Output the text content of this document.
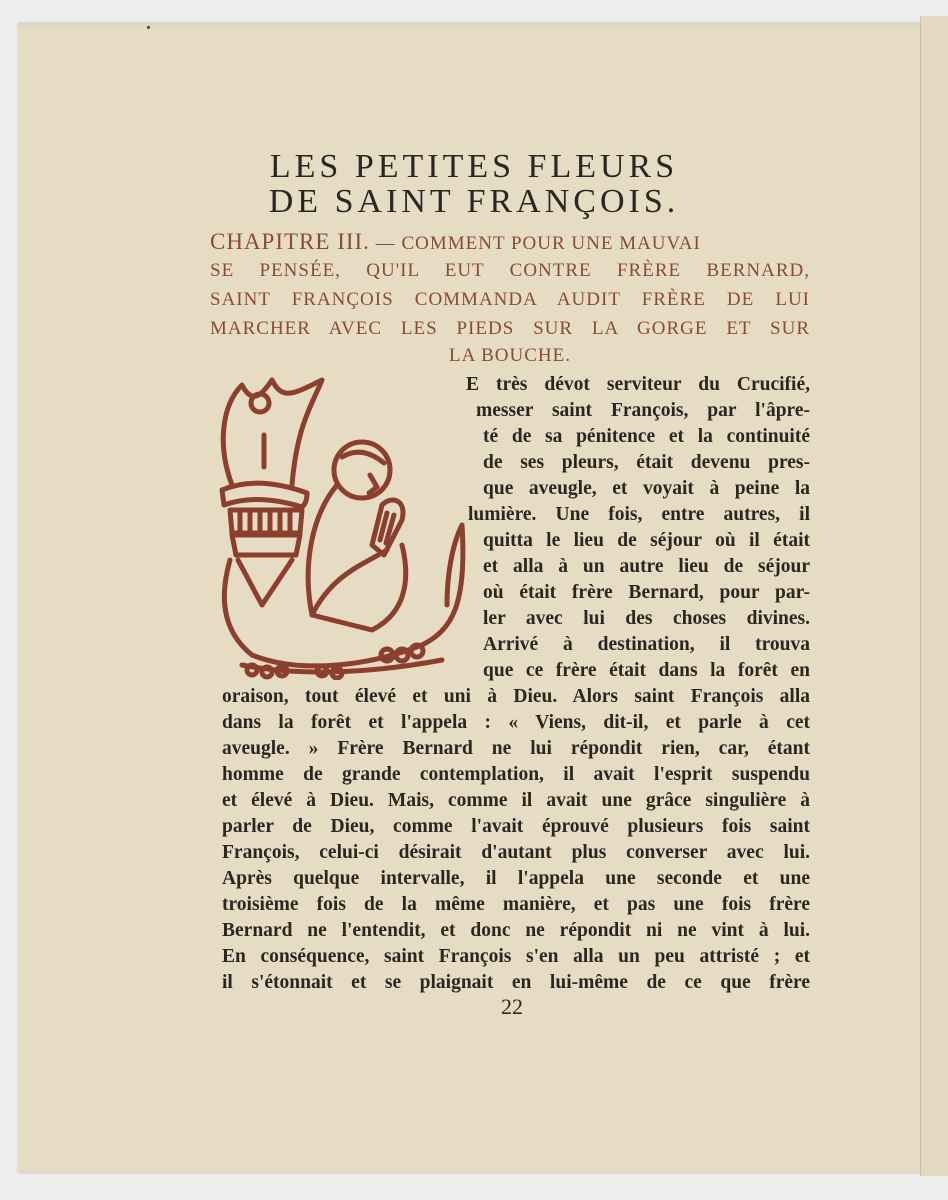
LES PETITES FLEURS
DE SAINT FRANÇOIS.
CHAPITRE III. — COMMENT POUR UNE MAUVAI
SE PENSÉE, QU'IL EUT CONTRE FRÈRE BERNARD,
SAINT FRANÇOIS COMMANDA AUDIT FRÈRE DE LUI
MARCHER AVEC LES PIEDS SUR LA GORGE ET SUR
LA BOUCHE.
E très dévot serviteur du Crucifié,
messer saint François, par l'âpre-
té de sa pénitence et la continuité
de ses pleurs, était devenu pres-
que aveugle, et voyait à peine la
lumière. Une fois, entre autres, il
quitta le lieu de séjour où il était
et alla à un autre lieu de séjour
où était frère Bernard, pour par-
ler avec lui des choses divines.
Arrivé à destination, il trouva
que ce frère était dans la forêt en
oraison, tout élevé et uni à Dieu. Alors saint François alla
dans la forêt et l'appela : « Viens, dit-il, et parle à cet
aveugle. » Frère Bernard ne lui répondit rien, car, étant
homme de grande contemplation, il avait l'esprit suspendu
et élevé à Dieu. Mais, comme il avait une grâce singulière à
parler de Dieu, comme l'avait éprouvé plusieurs fois saint
François, celui-ci désirait d'autant plus converser avec lui.
Après quelque intervalle, il l'appela une seconde et une
troisième fois de la même manière, et pas une fois frère
Bernard ne l'entendit, et donc ne répondit ni ne vint à lui.
En conséquence, saint François s'en alla un peu attristé ; et
il s'étonnait et se plaignait en lui-même de ce que frère
22
